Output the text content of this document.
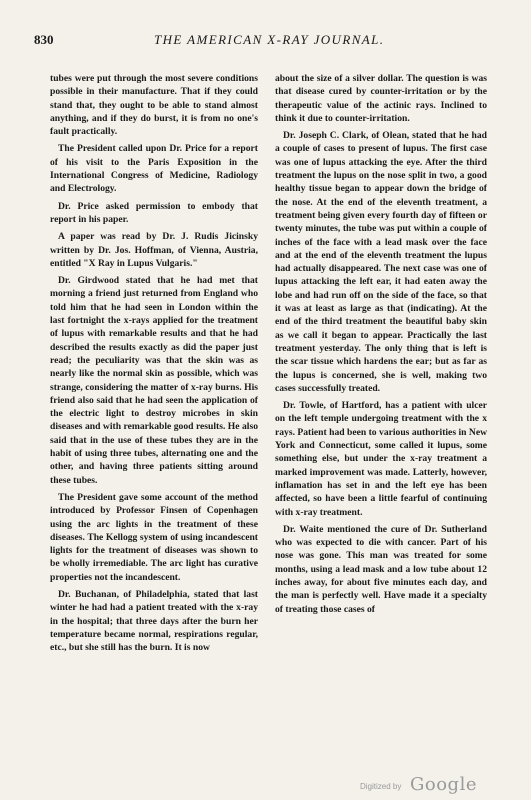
830	THE AMERICAN X-RAY JOURNAL.

tubes were put through the most severe conditions possible in their manufacture. That if they could stand that, they ought to be able to stand almost anything, and if they do burst, it is from no one's fault practically.

The President called upon Dr. Price for a report of his visit to the Paris Exposition in the International Congress of Medicine, Radiology and Electrology.

Dr. Price asked permission to embody that report in his paper.

A paper was read by Dr. J. Rudis Jicinsky written by Dr. Jos. Hoffman, of Vienna, Austria, entitled "X Ray in Lupus Vulgaris."

Dr. Girdwood stated that he had met that morning a friend just returned from England who told him that he had seen in London within the last fortnight the x-rays applied for the treatment of lupus with remarkable results and that he had described the results exactly as did the paper just read; the peculiarity was that the skin was as nearly like the normal skin as possible, which was strange, considering the matter of x-ray burns. His friend also said that he had seen the application of the electric light to destroy microbes in skin diseases and with remarkable good results. He also said that in the use of these tubes they are in the habit of using three tubes, alternating one and the other, and having three patients sitting around these tubes.

The President gave some account of the method introduced by Professor Finsen of Copenhagen using the arc lights in the treatment of these diseases. The Kellogg system of using incandescent lights for the treatment of diseases was shown to be wholly irremediable. The arc light has curative properties not the incandescent.

Dr. Buchanan, of Philadelphia, stated that last winter he had had a patient treated with the x-ray in the hospital; that three days after the burn her temperature became normal, respirations regular, etc., but she still has the burn. It is now

about the size of a silver dollar. The question is was that disease cured by counter-irritation or by the therapeutic value of the actinic rays. Inclined to think it due to counter-irritation.

Dr. Joseph C. Clark, of Olean, stated that he had a couple of cases to present of lupus. The first case was one of lupus attacking the eye. After the third treatment the lupus on the nose split in two, a good healthy tissue began to appear down the bridge of the nose. At the end of the eleventh treatment, a treatment being given every fourth day of fifteen or twenty minutes, the tube was put within a couple of inches of the face with a lead mask over the face and at the end of the eleventh treatment the lupus had actually disappeared. The next case was one of lupus attacking the left ear, it had eaten away the lobe and had run off on the side of the face, so that it was at least as large as that (indicating). At the end of the third treatment the beautiful baby skin as we call it began to appear. Practically the last treatment yesterday. The only thing that is left is the scar tissue which hardens the ear; but as far as the lupus is concerned, she is well, making two cases successfully treated.

Dr. Towle, of Hartford, has a patient with ulcer on the left temple undergoing treatment with the x rays. Patient had been to various authorities in New York and Connecticut, some called it lupus, some something else, but under the x-ray treatment a marked improvement was made. Latterly, however, inflamation has set in and the left eye has been affected, so have been a little fearful of continuing with x-ray treatment.

Dr. Waite mentioned the cure of Dr. Sutherland who was expected to die with cancer. Part of his nose was gone. This man was treated for some months, using a lead mask and a low tube about 12 inches away, for about five minutes each day, and the man is perfectly well. Have made it a specialty of treating those cases of

Digitized by Google
